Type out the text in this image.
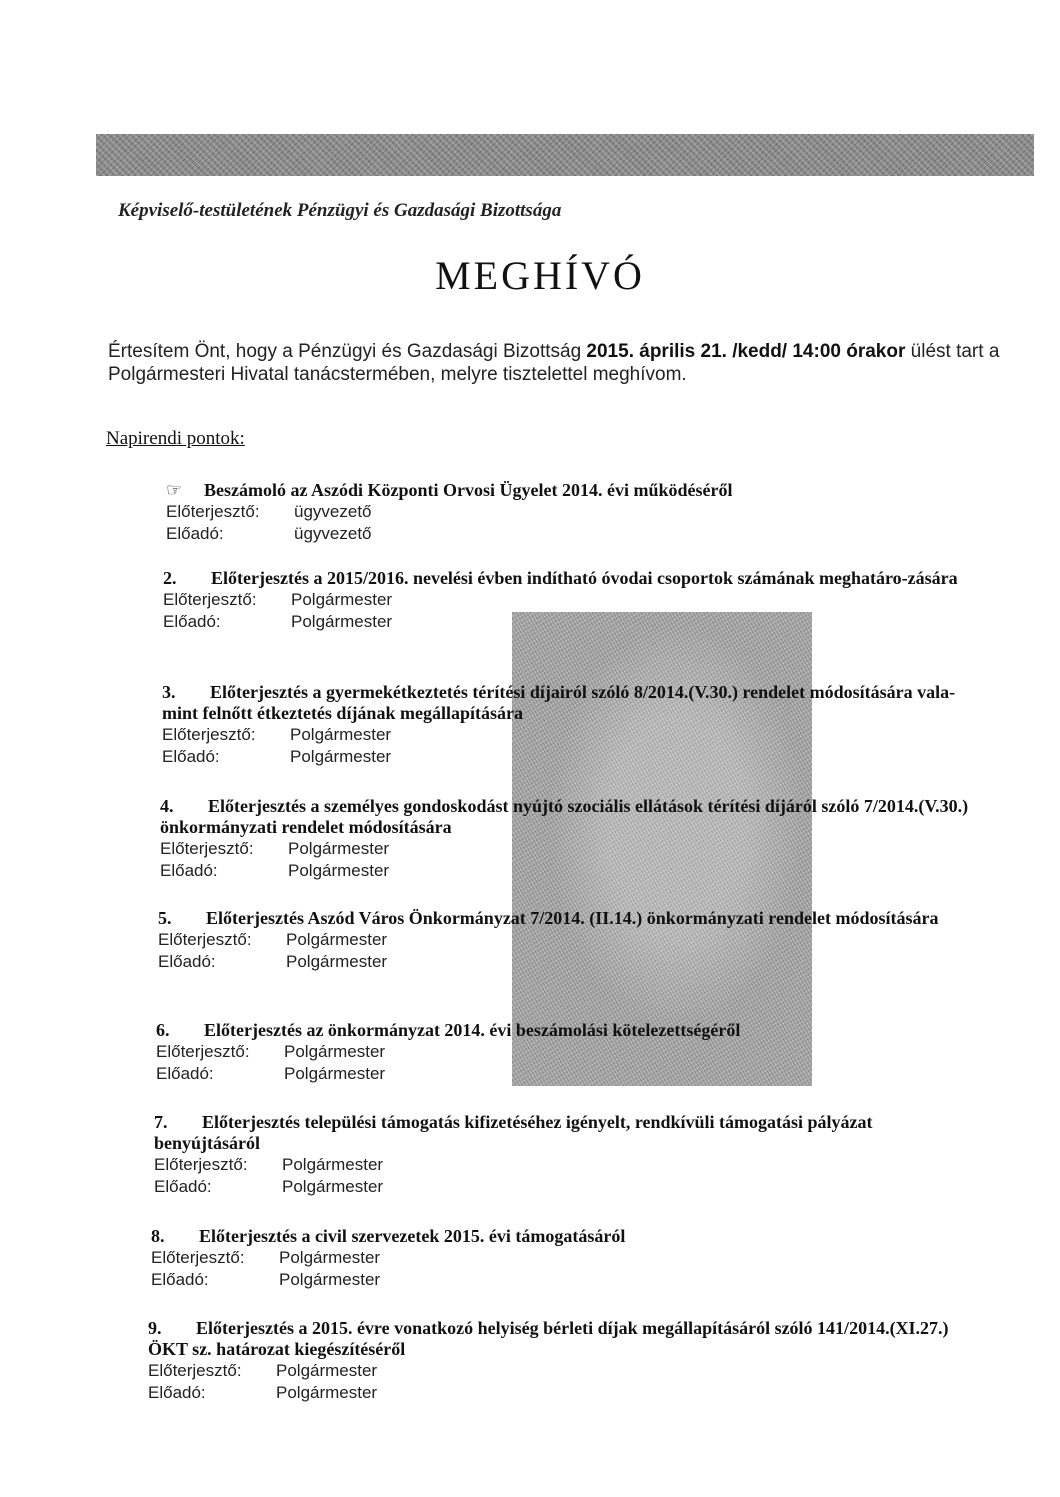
Képviselő-testületének Pénzügyi és Gazdasági Bizottsága
MEGHÍVÓ
Értesítem Önt, hogy a Pénzügyi és Gazdasági Bizottság 2015. április 21. /kedd/ 14:00 órakor ülést tart a Polgármesteri Hivatal tanácstermében, melyre tisztelettel meghívom.
Napirendi pontok:
☞ Beszámoló az Aszódi Központi Orvosi Ügyelet 2014. évi működéséről
Előterjesztő:	ügyvezető
Előadó:	ügyvezető
2. Előterjesztés a 2015/2016. nevelési évben indítható óvodai csoportok számának meghatáro-zására
Előterjesztő:	Polgármester
Előadó:	Polgármester
3. Előterjesztés a gyermekétkeztetés térítési díjairól szóló 8/2014.(V.30.) rendelet módosítására vala-mint felnőtt étkeztetés díjának megállapítására
Előterjesztő:	Polgármester
Előadó:	Polgármester
4. Előterjesztés a személyes gondoskodást nyújtó szociális ellátások térítési díjáról szóló 7/2014.(V.30.) önkormányzati rendelet módosítására
Előterjesztő:	Polgármester
Előadó:	Polgármester
5. Előterjesztés Aszód Város Önkormányzat 7/2014. (II.14.) önkormányzati rendelet módosítására
Előterjesztő:	Polgármester
Előadó:	Polgármester
6. Előterjesztés az önkormányzat 2014. évi beszámolási kötelezettségéről
Előterjesztő:	Polgármester
Előadó:	Polgármester
7. Előterjesztés települési támogatás kifizetéséhez igényelt, rendkívüli támogatási pályázat benyújtásáról
Előterjesztő:	Polgármester
Előadó:	Polgármester
8. Előterjesztés a civil szervezetek 2015. évi támogatásáról
Előterjesztő:	Polgármester
Előadó:	Polgármester
9. Előterjesztés a 2015. évre vonatkozó helyiség bérleti díjak megállapításáról szóló 141/2014.(XI.27.) ÖKT sz. határozat kiegészítéséről
Előterjesztő:	Polgármester
Előadó:	Polgármester
